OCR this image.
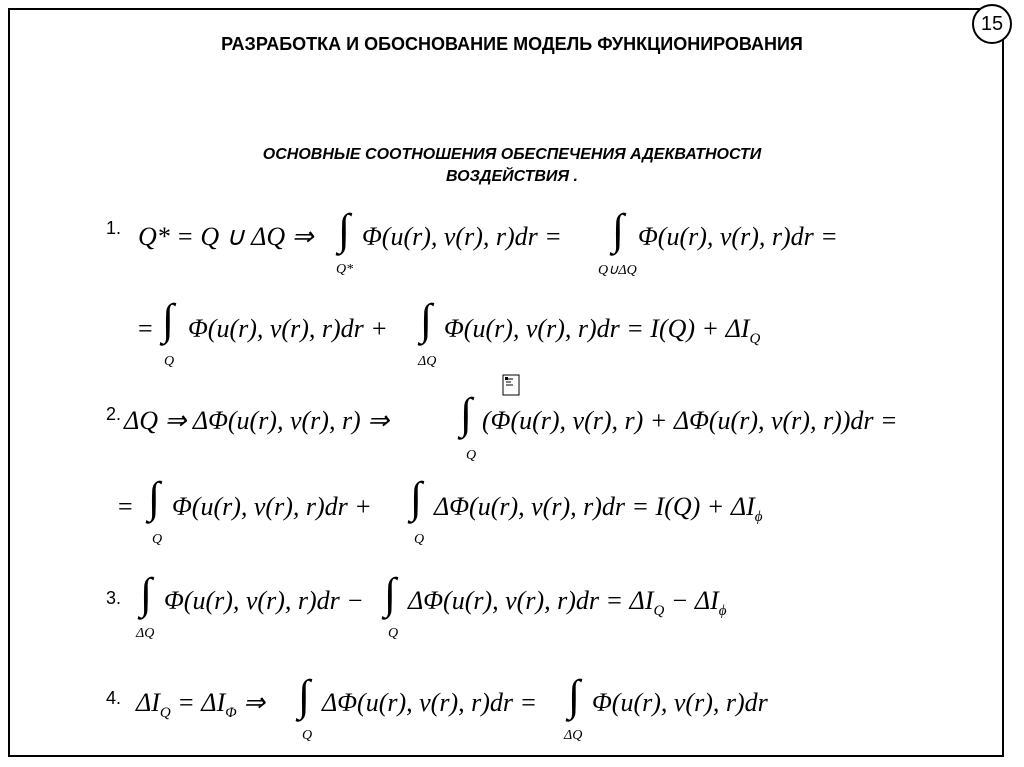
15
РАЗРАБОТКА И ОБОСНОВАНИЕ МОДЕЛЬ ФУНКЦИОНИРОВАНИЯ
ОСНОВНЫЕ СООТНОШЕНИЯ ОБЕСПЕЧЕНИЯ АДЕКВАТНОСТИ
ВОЗДЕЙСТВИЯ .
1. Q* = Q ∪ ΔQ ⇒ ∫
Q*
Φ(u(r), v(r), r)dr = ∫
Q∪ΔQ
Φ(u(r), v(r), r)dr =
= ∫
Q
Φ(u(r), v(r), r)dr + ∫
ΔQ
Φ(u(r), v(r), $r)dr = I(Q) + \Delta I_Q$
2. ΔQ ⇒ ΔΦ(u(r), v(r), r) ⇒ ∫
Q
(Φ(u(r), v(r), r) + ΔΦ(u(r), v(r), r))dr =
= ∫
Q
Φ(u(r), v(r), r)dr + ∫
Q
ΔΦ(u(r), v(r), $r)dr = I(Q) + \Delta I_\phi$
3. ∫
ΔQ
Φ(u(r), v(r), r)dr − ∫
Q
ΔΦ(u(r), v(r), $r)dr = \Delta I_Q - \Delta I_\phi$
4. $\Delta I_Q = \Delta I_\Phi$ ⇒ ∫
Q
ΔΦ(u(r), v(r), r)dr = ∫
ΔQ
Φ(u(r), v(r), r)dr
